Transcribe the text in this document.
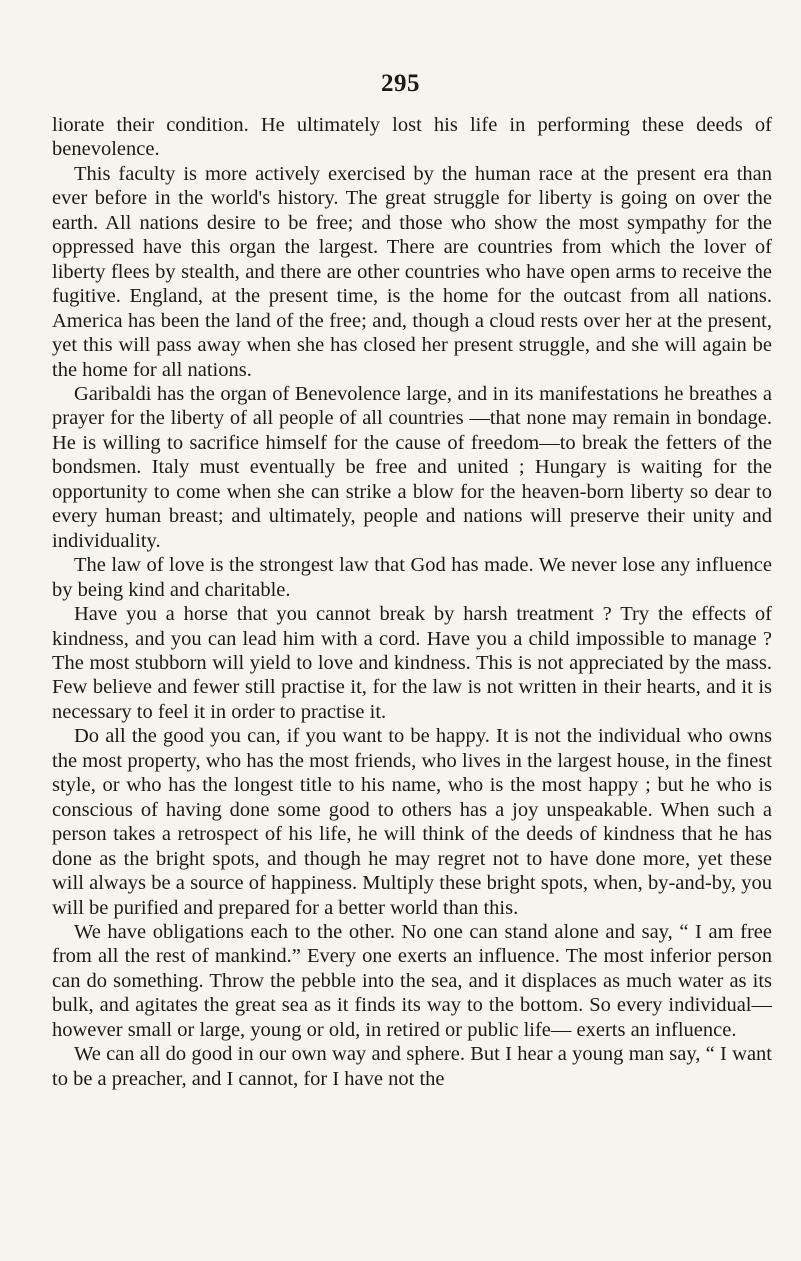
295

liorate their condition. He ultimately lost his life in performing these deeds of benevolence.

This faculty is more actively exercised by the human race at the present era than ever before in the world's history. The great struggle for liberty is going on over the earth. All nations desire to be free; and those who show the most sympathy for the oppressed have this organ the largest. There are countries from which the lover of liberty flees by stealth, and there are other countries who have open arms to receive the fugitive. England, at the present time, is the home for the outcast from all nations. America has been the land of the free; and, though a cloud rests over her at the present, yet this will pass away when she has closed her present struggle, and she will again be the home for all nations.

Garibaldi has the organ of Benevolence large, and in its manifestations he breathes a prayer for the liberty of all people of all countries —that none may remain in bondage. He is willing to sacrifice himself for the cause of freedom—to break the fetters of the bondsmen. Italy must eventually be free and united ; Hungary is waiting for the opportunity to come when she can strike a blow for the heaven-born liberty so dear to every human breast; and ultimately, people and nations will preserve their unity and individuality.

The law of love is the strongest law that God has made. We never lose any influence by being kind and charitable.

Have you a horse that you cannot break by harsh treatment ? Try the effects of kindness, and you can lead him with a cord. Have you a child impossible to manage ? The most stubborn will yield to love and kindness. This is not appreciated by the mass. Few believe and fewer still practise it, for the law is not written in their hearts, and it is necessary to feel it in order to practise it.

Do all the good you can, if you want to be happy. It is not the individual who owns the most property, who has the most friends, who lives in the largest house, in the finest style, or who has the longest title to his name, who is the most happy ; but he who is conscious of having done some good to others has a joy unspeakable. When such a person takes a retrospect of his life, he will think of the deeds of kindness that he has done as the bright spots, and though he may regret not to have done more, yet these will always be a source of happiness. Multiply these bright spots, when, by-and-by, you will be purified and prepared for a better world than this.

We have obligations each to the other. No one can stand alone and say, “ I am free from all the rest of mankind.” Every one exerts an influence. The most inferior person can do something. Throw the pebble into the sea, and it displaces as much water as its bulk, and agitates the great sea as it finds its way to the bottom. So every individual—however small or large, young or old, in retired or public life— exerts an influence.

We can all do good in our own way and sphere. But I hear a young man say, “ I want to be a preacher, and I cannot, for I have not the
